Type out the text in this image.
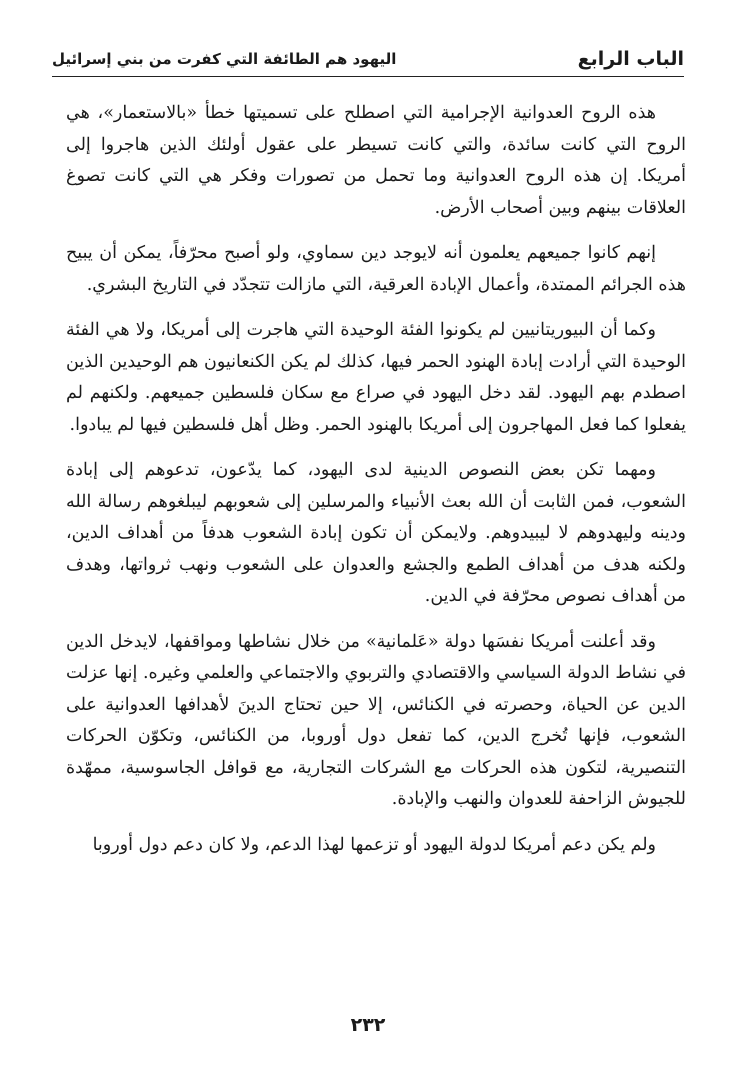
الباب الرابع
اليهود هم الطائفة التي كفرت من بني إسرائيل

هذه الروح العدوانية الإجرامية التي اصطلح على تسميتها خطأ «بالاستعمار»، هي الروح التي كانت سائدة، والتي كانت تسيطر على عقول أولئك الذين هاجروا إلى أمريكا. إن هذه الروح العدوانية وما تحمل من تصورات وفكر هي التي كانت تصوغ العلاقات بينهم وبين أصحاب الأرض.

إنهم كانوا جميعهم يعلمون أنه لايوجد دين سماوي، ولو أصبح محرّفاً، يمكن أن يبيح هذه الجرائم الممتدة، وأعمال الإبادة العرقية، التي مازالت تتجدّد في التاريخ البشري.

وكما أن البيوريتانيين لم يكونوا الفئة الوحيدة التي هاجرت إلى أمريكا، ولا هي الفئة الوحيدة التي أرادت إبادة الهنود الحمر فيها، كذلك لم يكن الكنعانيون هم الوحيدين الذين اصطدم بهم اليهود. لقد دخل اليهود في صراع مع سكان فلسطين جميعهم. ولكنهم لم يفعلوا كما فعل المهاجرون إلى أمريكا بالهنود الحمر. وظل أهل فلسطين فيها لم يبادوا.

ومهما تكن بعض النصوص الدينية لدى اليهود، كما يدّعون، تدعوهم إلى إبادة الشعوب، فمن الثابت أن الله بعث الأنبياء والمرسلين إلى شعوبهم ليبلغوهم رسالة الله ودينه وليهدوهم لا ليبيدوهم. ولايمكن أن تكون إبادة الشعوب هدفاً من أهداف الدين، ولكنه هدف من أهداف الطمع والجشع والعدوان على الشعوب ونهب ثرواتها، وهدف من أهداف نصوص محرّفة في الدين.

وقد أعلنت أمريكا نفسَها دولة «عَلمانية» من خلال نشاطها ومواقفها، لايدخل الدين في نشاط الدولة السياسي والاقتصادي والتربوي والاجتماعي والعلمي وغيره. إنها عزلت الدين عن الحياة، وحصرته في الكنائس، إلا حين تحتاج الدينَ لأهدافها العدوانية على الشعوب، فإنها تُخرج الدين، كما تفعل دول أوروبا، من الكنائس، وتكوّن الحركات التنصيرية، لتكون هذه الحركات مع الشركات التجارية، مع قوافل الجاسوسية، ممهّدة للجيوش الزاحفة للعدوان والنهب والإبادة.

ولم يكن دعم أمريكا لدولة اليهود أو تزعمها لهذا الدعم، ولا كان دعم دول أوروبا

٢٣٢
